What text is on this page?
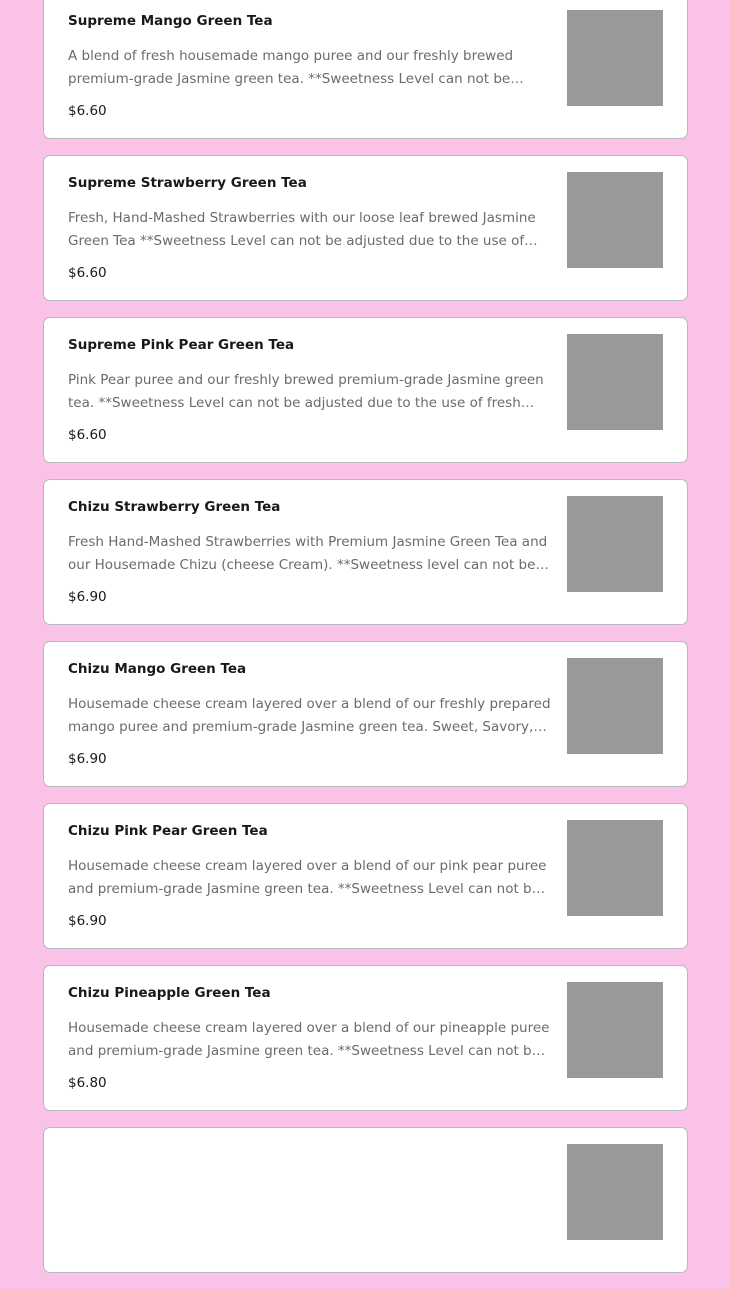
Supreme Mango Green Tea
A blend of fresh housemade mango puree and our freshly brewed premium-grade Jasmine green tea. **Sweetness Level can not be
$6.60
Supreme Strawberry Green Tea
Fresh, Hand-Mashed Strawberries with our loose leaf brewed Jasmine Green Tea **Sweetness Level can not be adjusted due to the use of
$6.60
Supreme Pink Pear Green Tea
Pink Pear puree and our freshly brewed premium-grade Jasmine green tea. **Sweetness Level can not be adjusted due to the use of fresh
$6.60
Chizu Strawberry Green Tea
Fresh Hand-Mashed Strawberries with Premium Jasmine Green Tea and our Housemade Chizu (cheese Cream). **Sweetness level can not be
$6.90
Chizu Mango Green Tea
Housemade cheese cream layered over a blend of our freshly prepared mango puree and premium-grade Jasmine green tea. Sweet, Savory,
$6.90
Chizu Pink Pear Green Tea
Housemade cheese cream layered over a blend of our pink pear puree and premium-grade Jasmine green tea. **Sweetness Level can not be
$6.90
Chizu Pineapple Green Tea
Housemade cheese cream layered over a blend of our pineapple puree and premium-grade Jasmine green tea. **Sweetness Level can not be
$6.80
